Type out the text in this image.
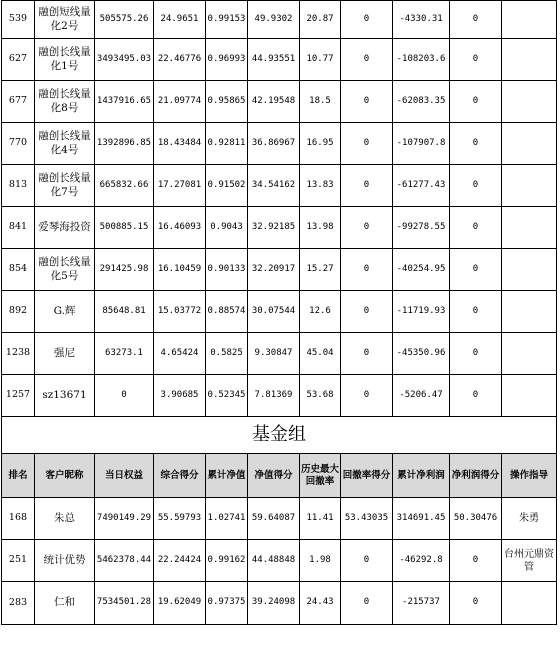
539	融创短线量化2号	505575.26	24.9651	0.99153	49.9302	20.87	0	-4330.31	0	
627	融创长线量化1号	3493495.03	22.46776	0.96993	44.93551	10.77	0	-108203.6	0	
677	融创长线量化8号	1437916.65	21.09774	0.95865	42.19548	18.5	0	-62083.35	0	
770	融创长线量化4号	1392896.85	18.43484	0.92811	36.86967	16.95	0	-107907.8	0	
813	融创长线量化7号	665832.66	17.27081	0.91502	34.54162	13.83	0	-61277.43	0	
841	爱琴海投资	500885.15	16.46093	0.9043	32.92185	13.98	0	-99278.55	0	
854	融创长线量化5号	291425.98	16.10459	0.90133	32.20917	15.27	0	-40254.95	0	
892	G.辉	85648.81	15.03772	0.88574	30.07544	12.6	0	-11719.93	0	
1238	强尼	63273.1	4.65424	0.5825	9.30847	45.04	0	-45350.96	0	
1257	sz13671	0	3.90685	0.52345	7.81369	53.68	0	-5206.47	0	
基金组										
排名	客户昵称	当日权益	综合得分	累计净值	净值得分	历史最大回撤率	回撤率得分	累计净利润	净利润得分	操作指导
168	朱总	7490149.29	55.59793	1.02741	59.64087	11.41	53.43035	314691.45	50.30476	朱勇
251	统计优势	5462378.44	22.24424	0.99162	44.48848	1.98	0	-46292.8	0	台州元鼎资管
283	仁和	7534501.28	19.62049	0.97375	39.24098	24.43	0	-215737	0	
